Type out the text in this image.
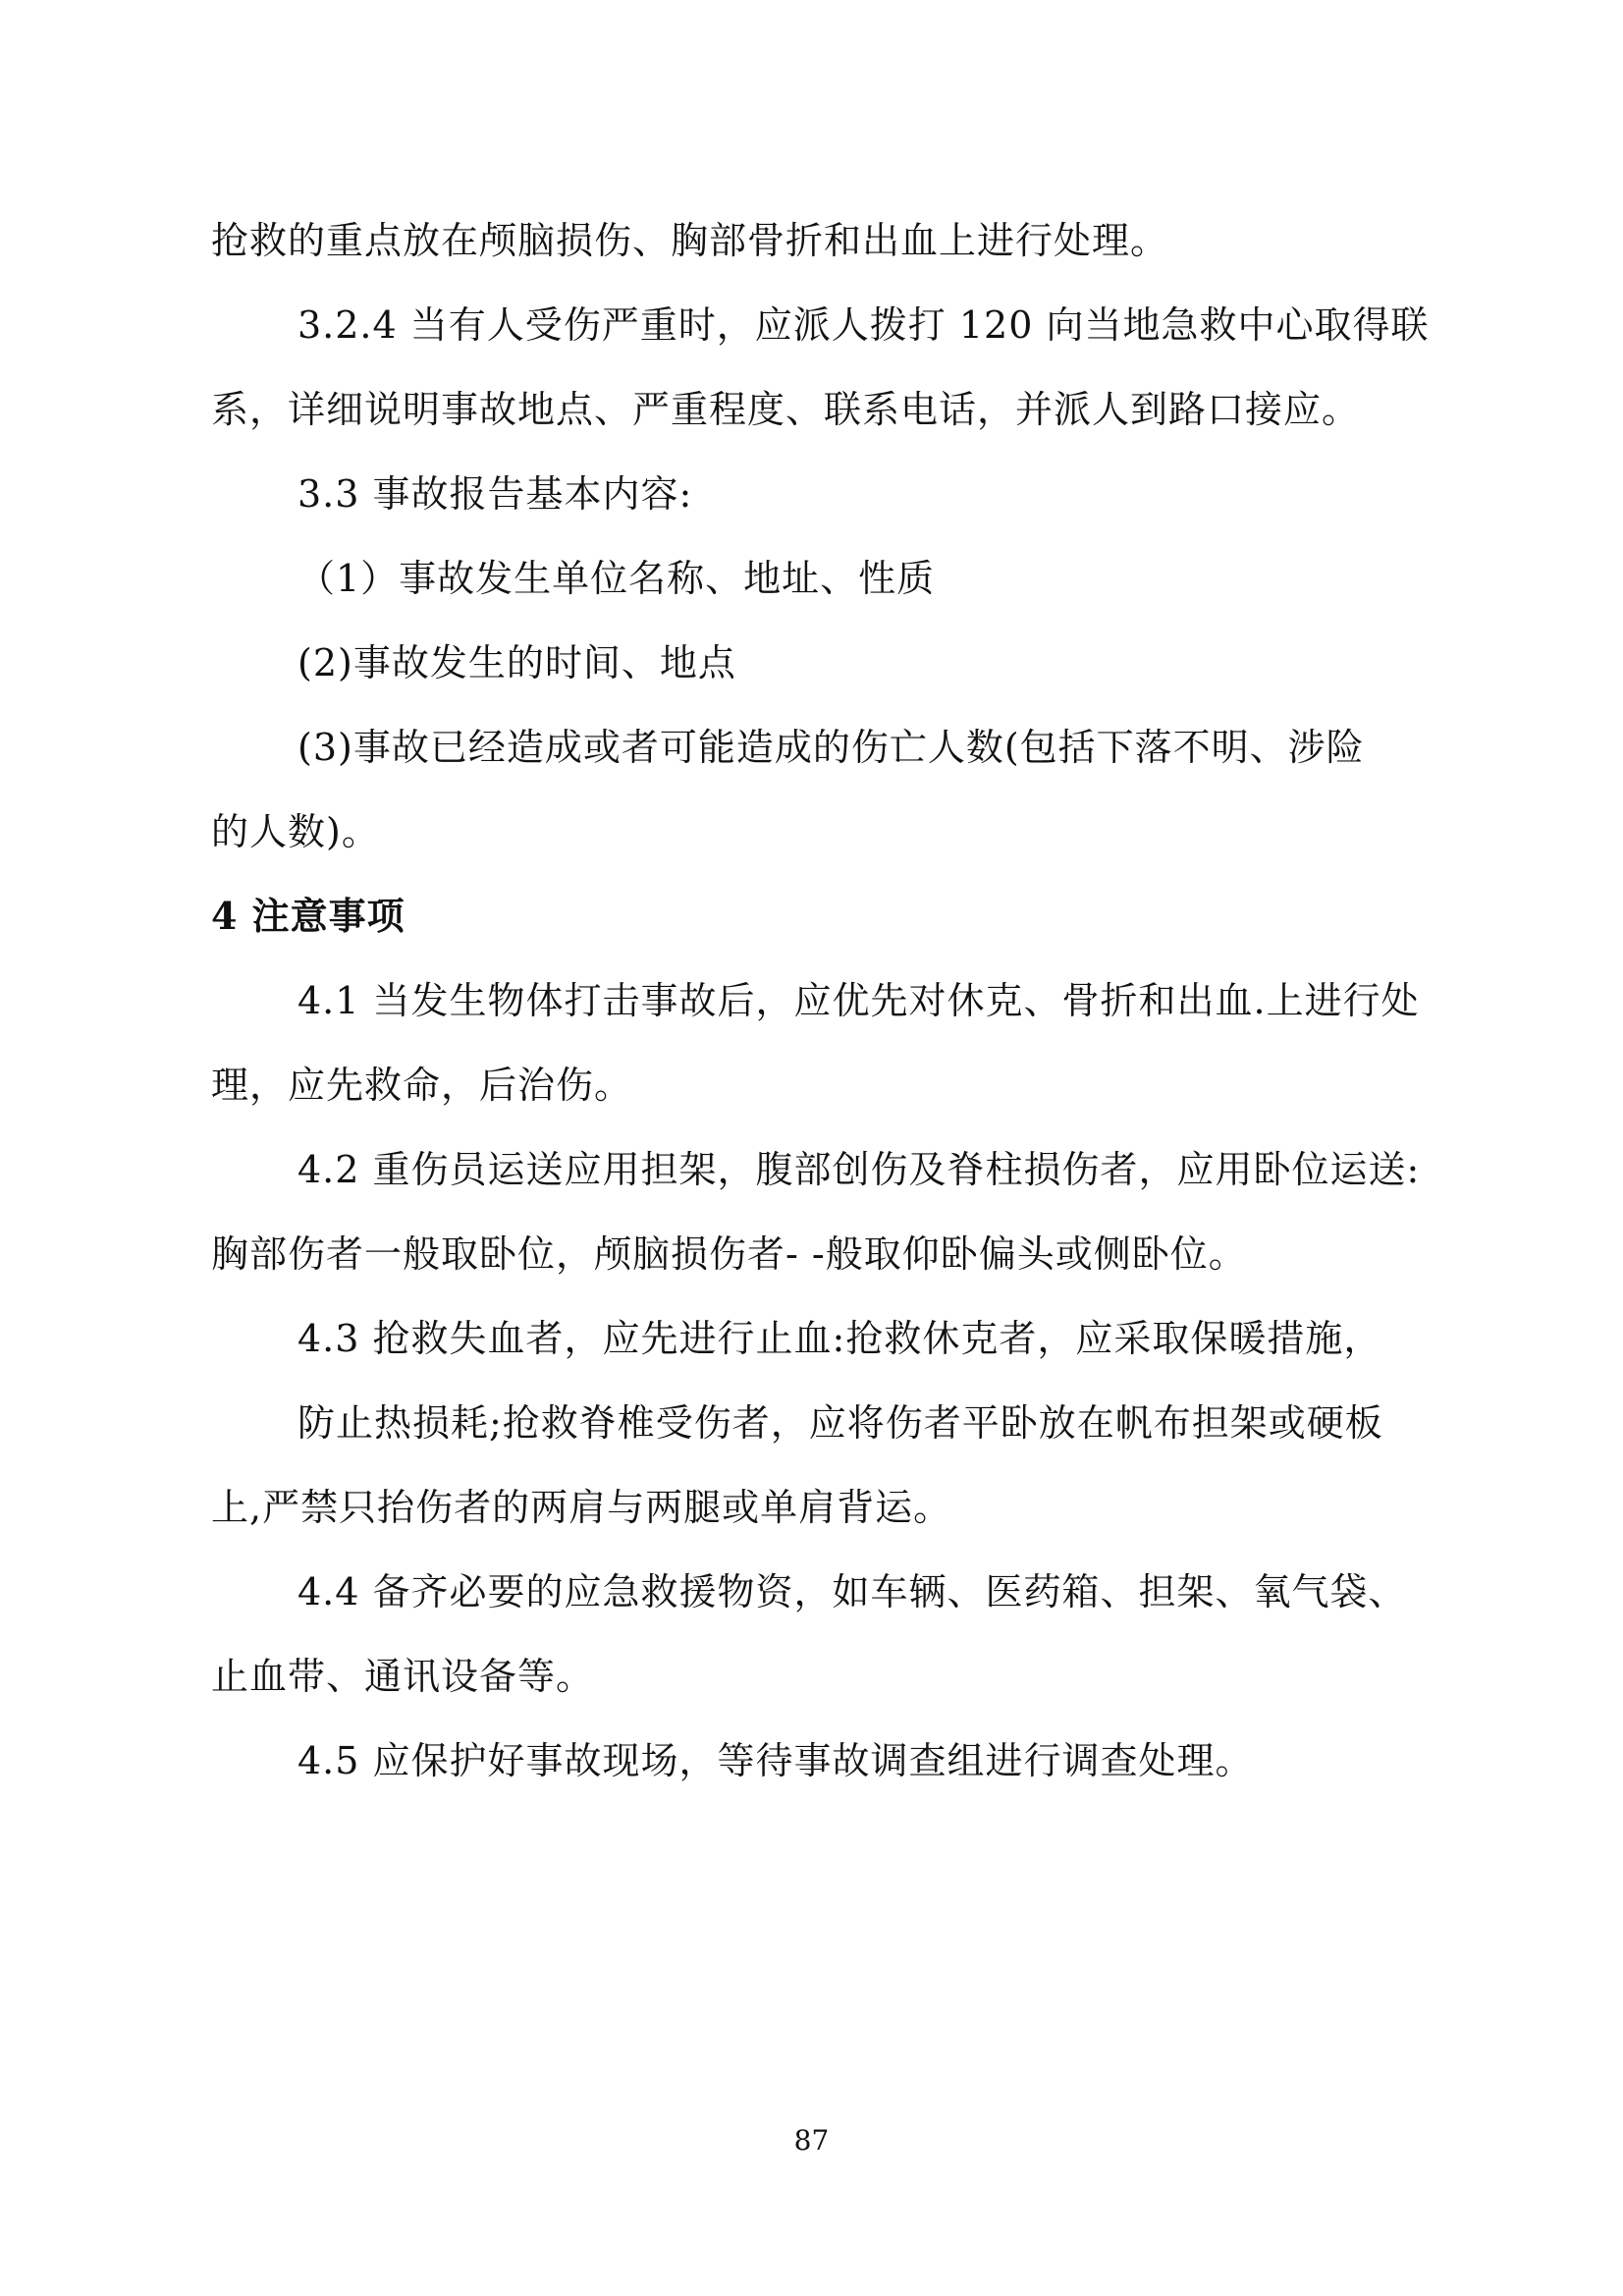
抢救的重点放在颅脑损伤、胸部骨折和出血上进行处理。
3.2.4 当有人受伤严重时，应派人拨打 120 向当地急救中心取得联
系，详细说明事故地点、严重程度、联系电话，并派人到路口接应。
3.3 事故报告基本内容:
（1）事故发生单位名称、地址、性质
(2)事故发生的时间、地点
(3)事故已经造成或者可能造成的伤亡人数(包括下落不明、涉险
的人数)。
4 注意事项
4.1 当发生物体打击事故后，应优先对休克、骨折和出血.上进行处
理，应先救命，后治伤。
4.2 重伤员运送应用担架，腹部创伤及脊柱损伤者，应用卧位运送:
胸部伤者一般取卧位，颅脑损伤者- -般取仰卧偏头或侧卧位。
4.3 抢救失血者，应先进行止血:抢救休克者，应采取保暖措施，
防止热损耗;抢救脊椎受伤者，应将伤者平卧放在帆布担架或硬板
上,严禁只抬伤者的两肩与两腿或单肩背运。
4.4 备齐必要的应急救援物资，如车辆、医药箱、担架、氧气袋、
止血带、通讯设备等。
4.5 应保护好事故现场，等待事故调查组进行调查处理。
87
